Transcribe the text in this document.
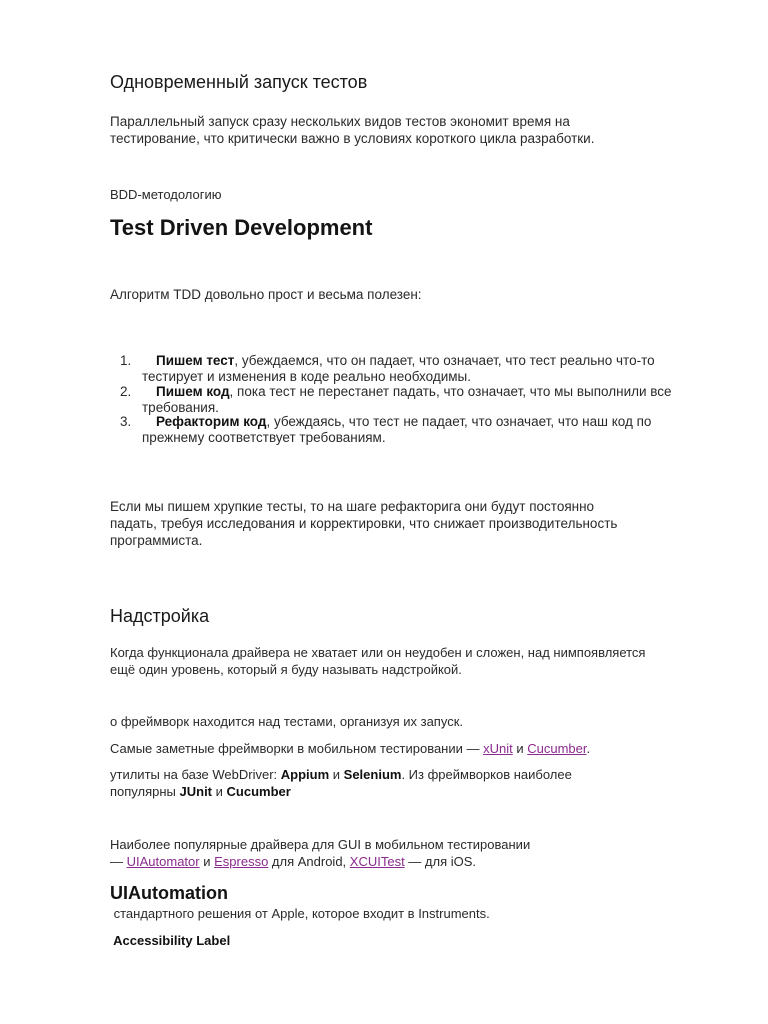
Одновременный запуск тестов
Параллельный запуск сразу нескольких видов тестов экономит время на
тестирование, что критически важно в условиях короткого цикла разработки.
BDD-методологию
Test Driven Development
Алгоритм TDD довольно прост и весьма полезен:
1.	Пишем тест, убеждаемся, что он падает, что означает, что тест реально что-то
тестирует и изменения в коде реально необходимы.
2.	Пишем код, пока тест не перестанет падать, что означает, что мы выполнили все
требования.
3.	Рефакторим код, убеждаясь, что тест не падает, что означает, что наш код по
прежнему соответствует требованиям.
Если мы пишем хрупкие тесты, то на шаге рефакторига они будут постоянно
падать, требуя исследования и корректировки, что снижает производительность
программиста.
Надстройка
Когда функционала драйвера не хватает или он неудобен и сложен, над нимпоявляется
ещё один уровень, который я буду называть надстройкой.
о фреймворк находится над тестами, организуя их запуск.
Самые заметные фреймворки в мобильном тестировании — xUnit и Cucumber.
утилиты на базе WebDriver: Appium и Selenium. Из фреймворков наиболее
популярны JUnit и Cucumber
Наиболее популярные драйвера для GUI в мобильном тестировании
— UIAutomator и Espresso для Android, XCUITest — для iOS.
UIAutomation
стандартного решения от Apple, которое входит в Instruments.
Accessibility Label
